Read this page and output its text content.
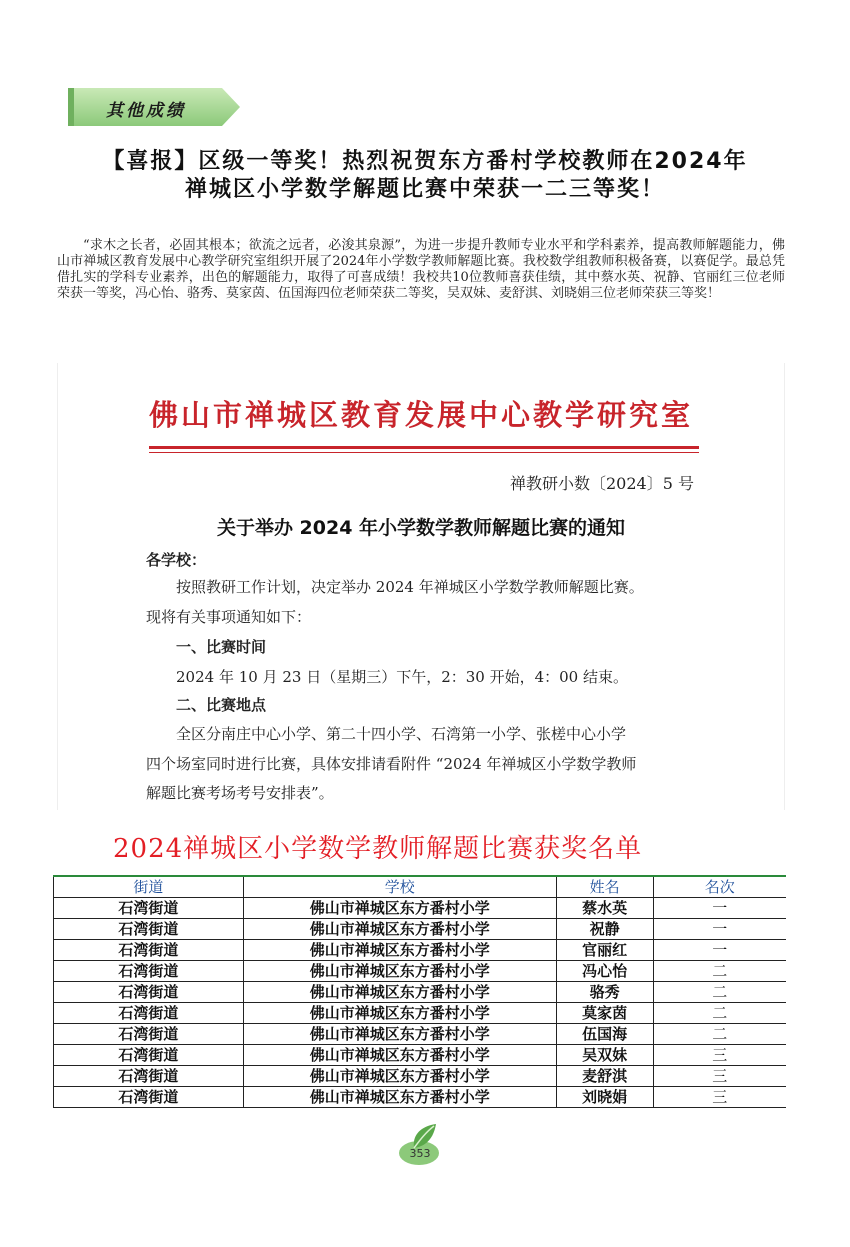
其他成绩
【喜报】区级一等奖！热烈祝贺东方番村学校教师在2024年
禅城区小学数学解题比赛中荣获一二三等奖！
“求木之长者，必固其根本；欲流之远者，必浚其泉源”，为进一步提升教师专业水平和学科素养，提高教师解题能力，佛山市禅城区教育发展中心教学研究室组织开展了2024年小学数学教师解题比赛。我校数学组教师积极备赛，以赛促学。最总凭借扎实的学科专业素养，出色的解题能力，取得了可喜成绩！我校共10位教师喜获佳绩，其中蔡水英、祝静、官丽红三位老师荣获一等奖，冯心怡、骆秀、莫家茵、伍国海四位老师荣获二等奖，吴双妹、麦舒淇、刘晓娟三位老师荣获三等奖！
佛山市禅城区教育发展中心教学研究室
禅教研小数〔2024〕5 号
关于举办 2024 年小学数学教师解题比赛的通知
各学校：
按照教研工作计划，决定举办 2024 年禅城区小学数学教师解题比赛。
现将有关事项通知如下：
一、比赛时间
2024 年 10 月 23 日（星期三）下午，2：30 开始，4：00 结束。
二、比赛地点
全区分南庄中心小学、第二十四小学、石湾第一小学、张槎中心小学
四个场室同时进行比赛，具体安排请看附件 “2024 年禅城区小学数学教师
解题比赛考场考号安排表”。
2024禅城区小学数学教师解题比赛获奖名单
街道	学校	姓名	名次
石湾街道	佛山市禅城区东方番村小学	蔡水英	一
石湾街道	佛山市禅城区东方番村小学	祝静	一
石湾街道	佛山市禅城区东方番村小学	官丽红	一
石湾街道	佛山市禅城区东方番村小学	冯心怡	二
石湾街道	佛山市禅城区东方番村小学	骆秀	二
石湾街道	佛山市禅城区东方番村小学	莫家茵	二
石湾街道	佛山市禅城区东方番村小学	伍国海	二
石湾街道	佛山市禅城区东方番村小学	吴双妹	三
石湾街道	佛山市禅城区东方番村小学	麦舒淇	三
石湾街道	佛山市禅城区东方番村小学	刘晓娟	三
353
